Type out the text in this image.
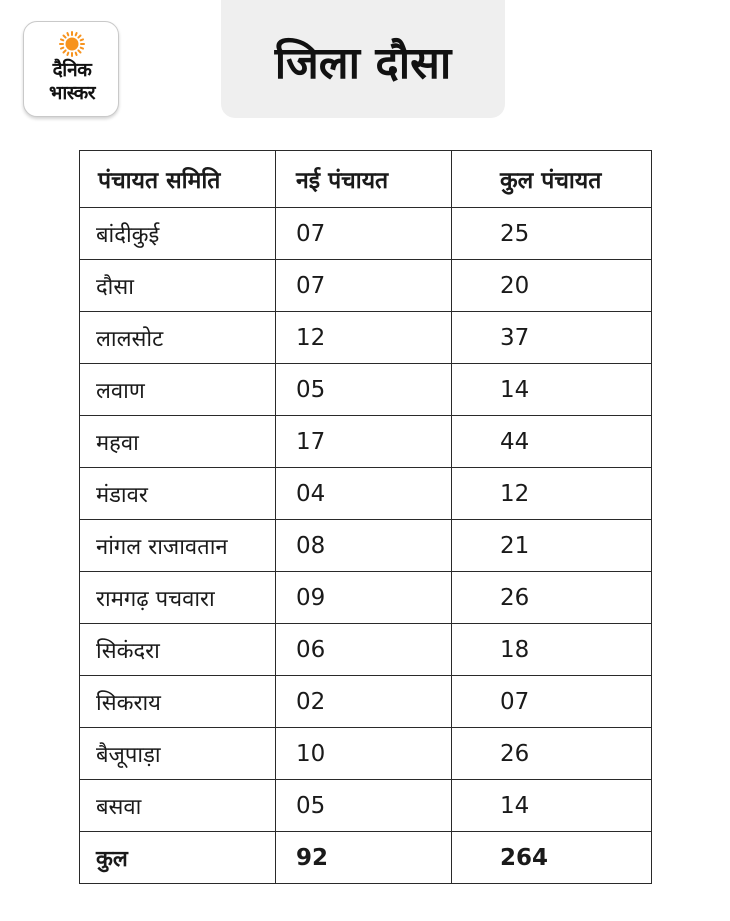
दैनिक
भास्कर
जिला दौसा
पंचायत समिति	नई पंचायत	कुल पंचायत
बांदीकुई	07	25
दौसा	07	20
लालसोट	12	37
लवाण	05	14
महवा	17	44
मंडावर	04	12
नांगल राजावतान	08	21
रामगढ़ पचवारा	09	26
सिकंदरा	06	18
सिकराय	02	07
बैजूपाड़ा	10	26
बसवा	05	14
कुल	92	264
